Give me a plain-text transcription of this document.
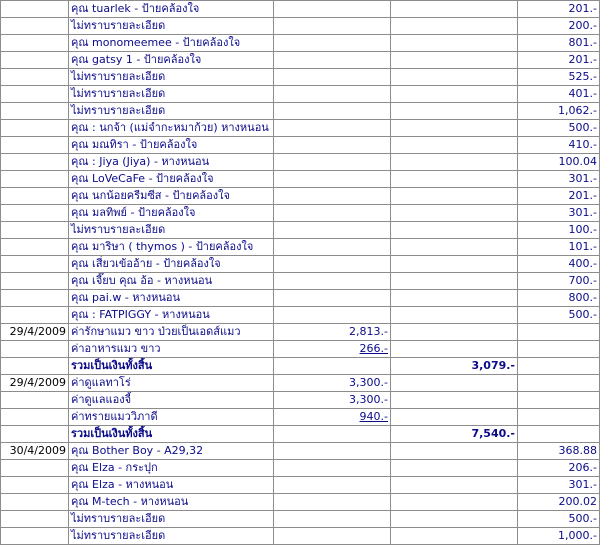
	คุณ tuarlek - ป้ายคล้องใจ			201.-
	ไม่ทราบรายละเอียด			200.-
	คุณ monomeemee - ป้ายคล้องใจ			801.-
	คุณ gatsy 1 - ป้ายคล้องใจ			201.-
	ไม่ทราบรายละเอียด			525.-
	ไม่ทราบรายละเอียด			401.-
	ไม่ทราบรายละเอียด			1,062.-
	คุณ : นกจ้า (แม่จำกะหมาก้วย) หางหนอน			500.-
	คุณ มณทิรา - ป้ายคล้องใจ			410.-
	คุณ : Jiya (Jiya) - หางหนอน			100.04
	คุณ LoVeCaFe - ป้ายคล้องใจ			301.-
	คุณ นกน้อยครีมซีส - ป้ายคล้องใจ			201.-
	คุณ มลทิพย์ - ป้ายคล้องใจ			301.-
	ไม่ทราบรายละเอียด			100.-
	คุณ มาริษา ( thymos ) - ป้ายคล้องใจ			101.-
	คุณ เสี่ยวเข้ออ้าย - ป้ายคล้องใจ			400.-
	คุณ เจี๊ยบ คุณ อ้อ - หางหนอน			700.-
	คุณ pai.w - หางหนอน			800.-
	คุณ : FATPIGGY - หางหนอน			500.-
29/4/2009	ค่ารักษาแมว ขาว ป่วยเป็นเอดส์แมว	2,813.-		
	ค่าอาหารแมว ขาว	266.-		
	รวมเป็นเงินทั้งสิ้น		3,079.-	
29/4/2009	ค่าดูแลทาโร่	3,300.-		
	ค่าดูแลแองจี้	3,300.-		
	ค่าทรายแมววิภาดี	940.-		
	รวมเป็นเงินทั้งสิ้น		7,540.-	
30/4/2009	คุณ Bother Boy - A29,32			368.88
	คุณ Elza - กระปุก			206.-
	คุณ Elza - หางหนอน			301.-
	คุณ M-tech - หางหนอน			200.02
	ไม่ทราบรายละเอียด			500.-
	ไม่ทราบรายละเอียด			1,000.-
